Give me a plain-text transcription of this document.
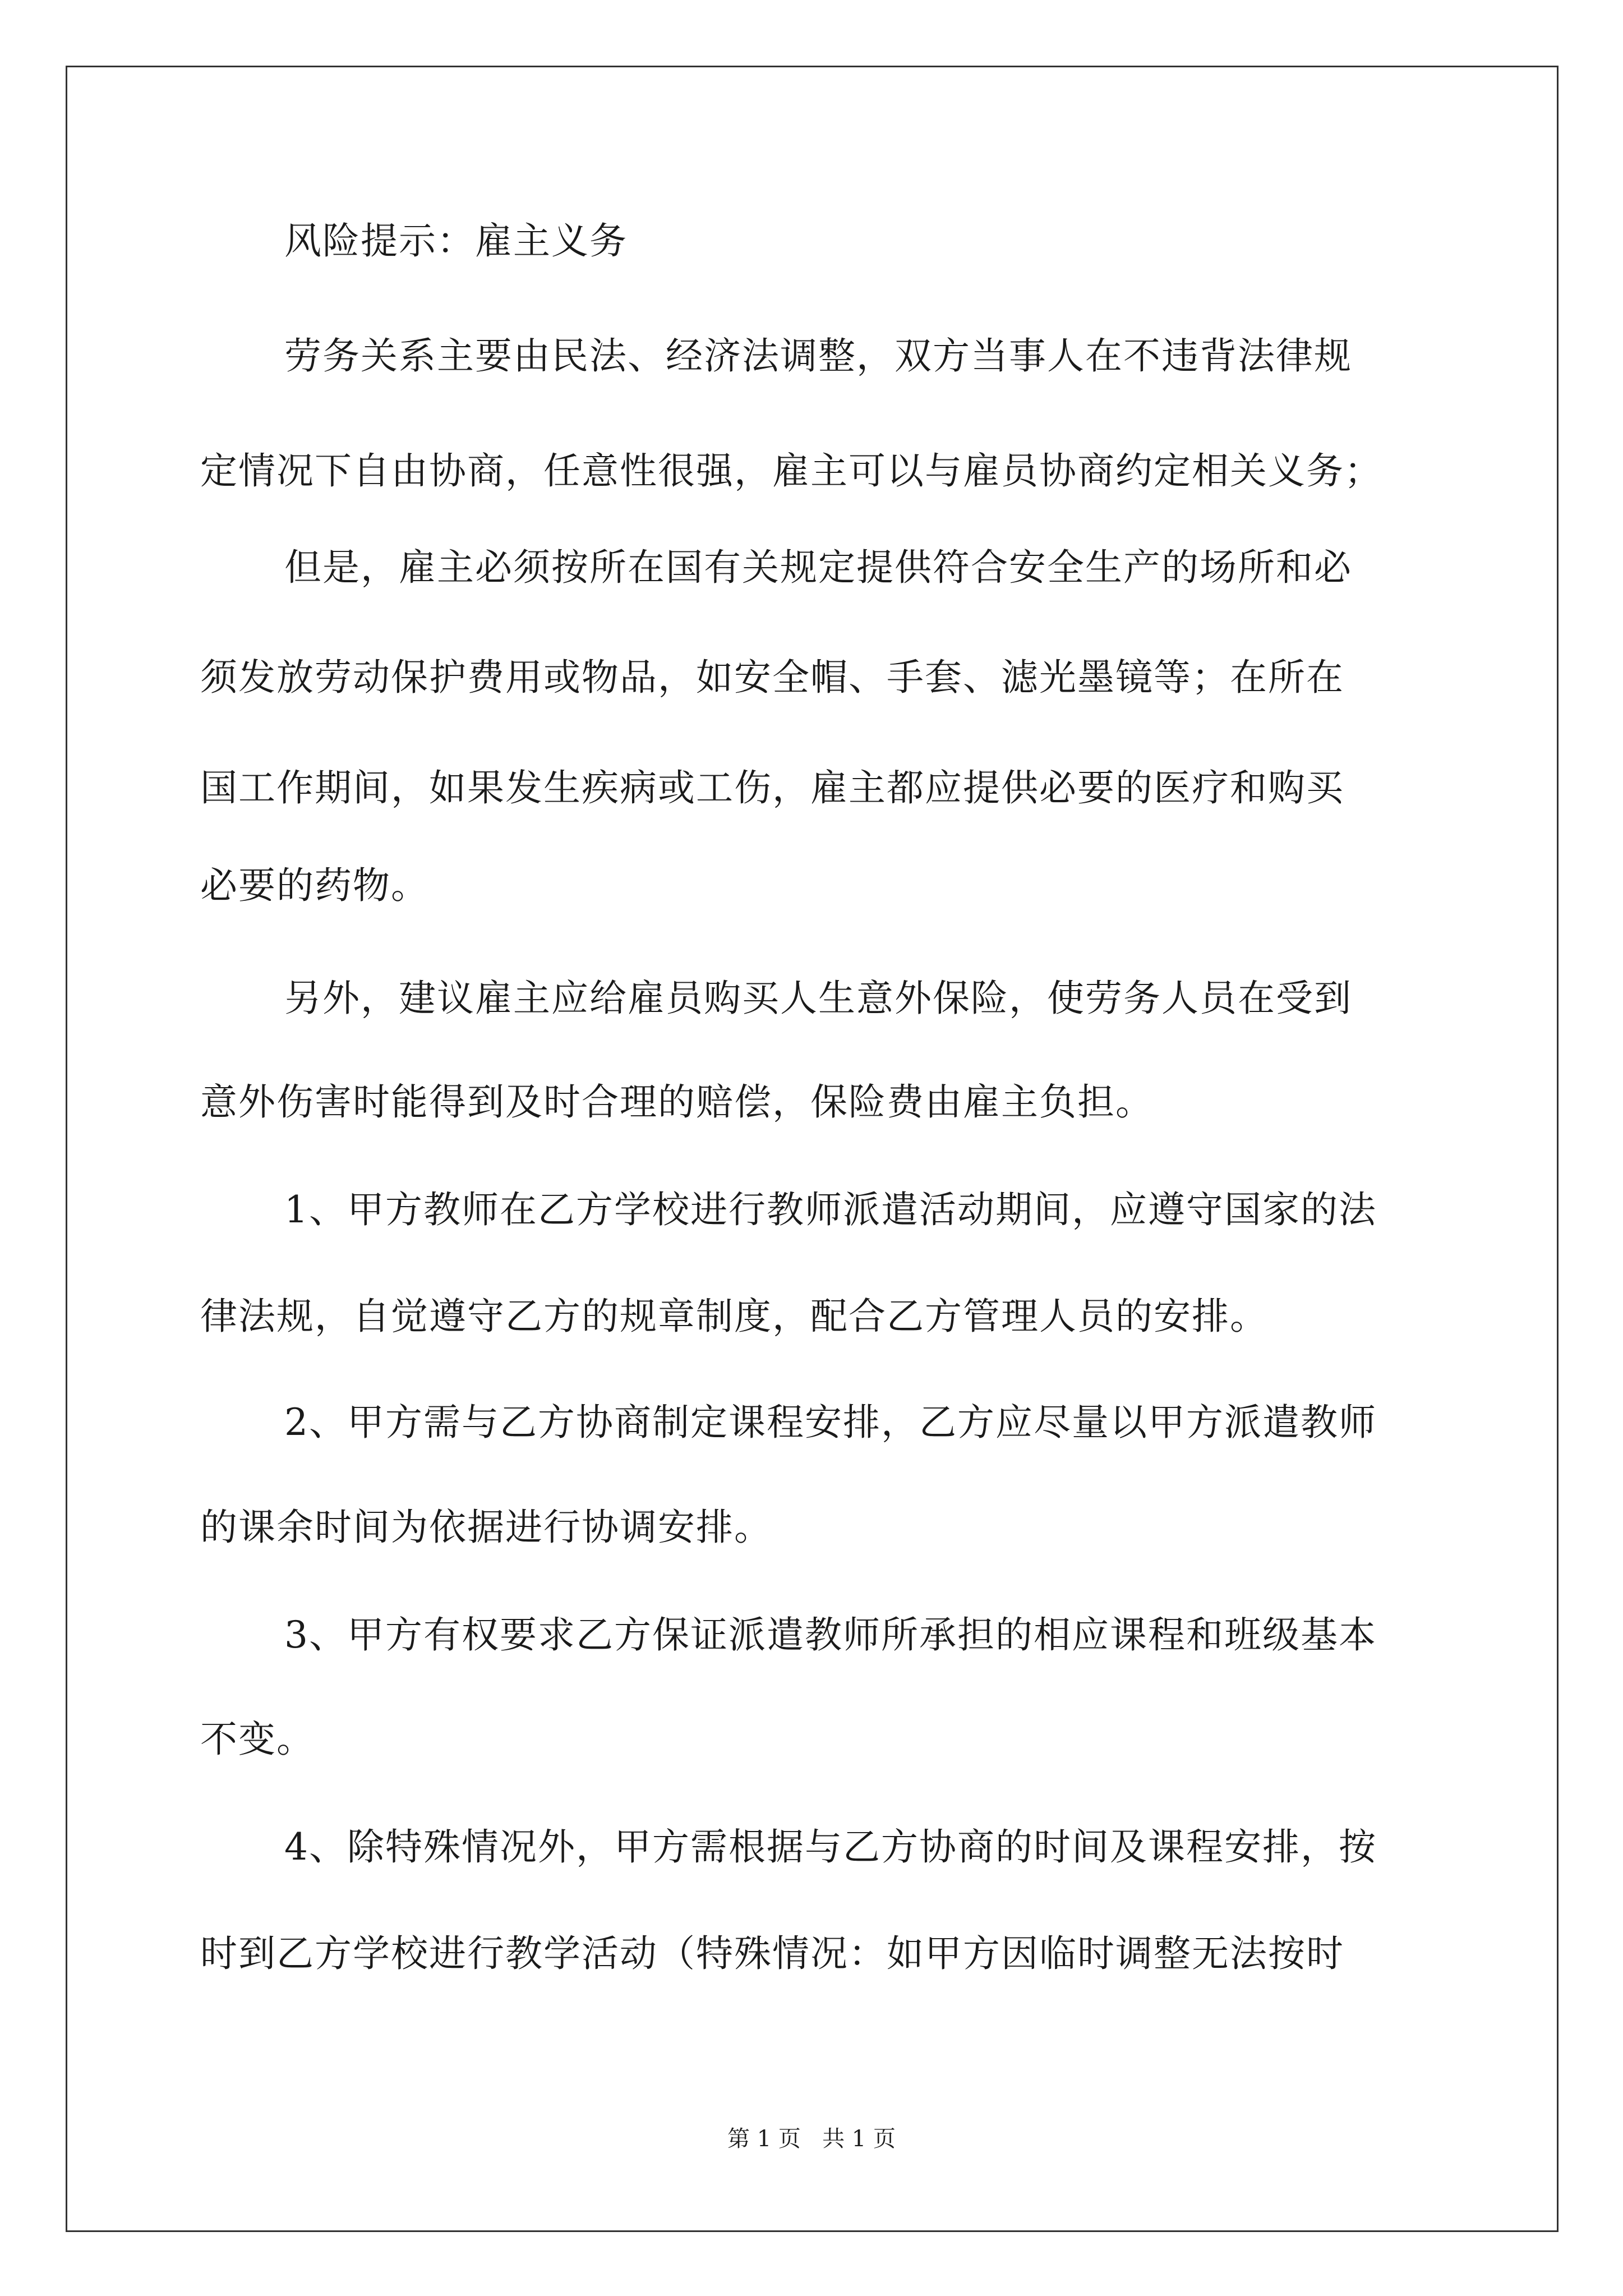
风险提示：雇主义务
劳务关系主要由民法、经济法调整，双方当事人在不违背法律规
定情况下自由协商，任意性很强，雇主可以与雇员协商约定相关义务；
但是，雇主必须按所在国有关规定提供符合安全生产的场所和必
须发放劳动保护费用或物品，如安全帽、手套、滤光墨镜等；在所在
国工作期间，如果发生疾病或工伤，雇主都应提供必要的医疗和购买
必要的药物。
另外，建议雇主应给雇员购买人生意外保险，使劳务人员在受到
意外伤害时能得到及时合理的赔偿，保险费由雇主负担。
1、甲方教师在乙方学校进行教师派遣活动期间，应遵守国家的法
律法规，自觉遵守乙方的规章制度，配合乙方管理人员的安排。
2、甲方需与乙方协商制定课程安排，乙方应尽量以甲方派遣教师
的课余时间为依据进行协调安排。
3、甲方有权要求乙方保证派遣教师所承担的相应课程和班级基本
不变。
4、除特殊情况外，甲方需根据与乙方协商的时间及课程安排，按
时到乙方学校进行教学活动（特殊情况：如甲方因临时调整无法按时
第 1 页   共 1 页
